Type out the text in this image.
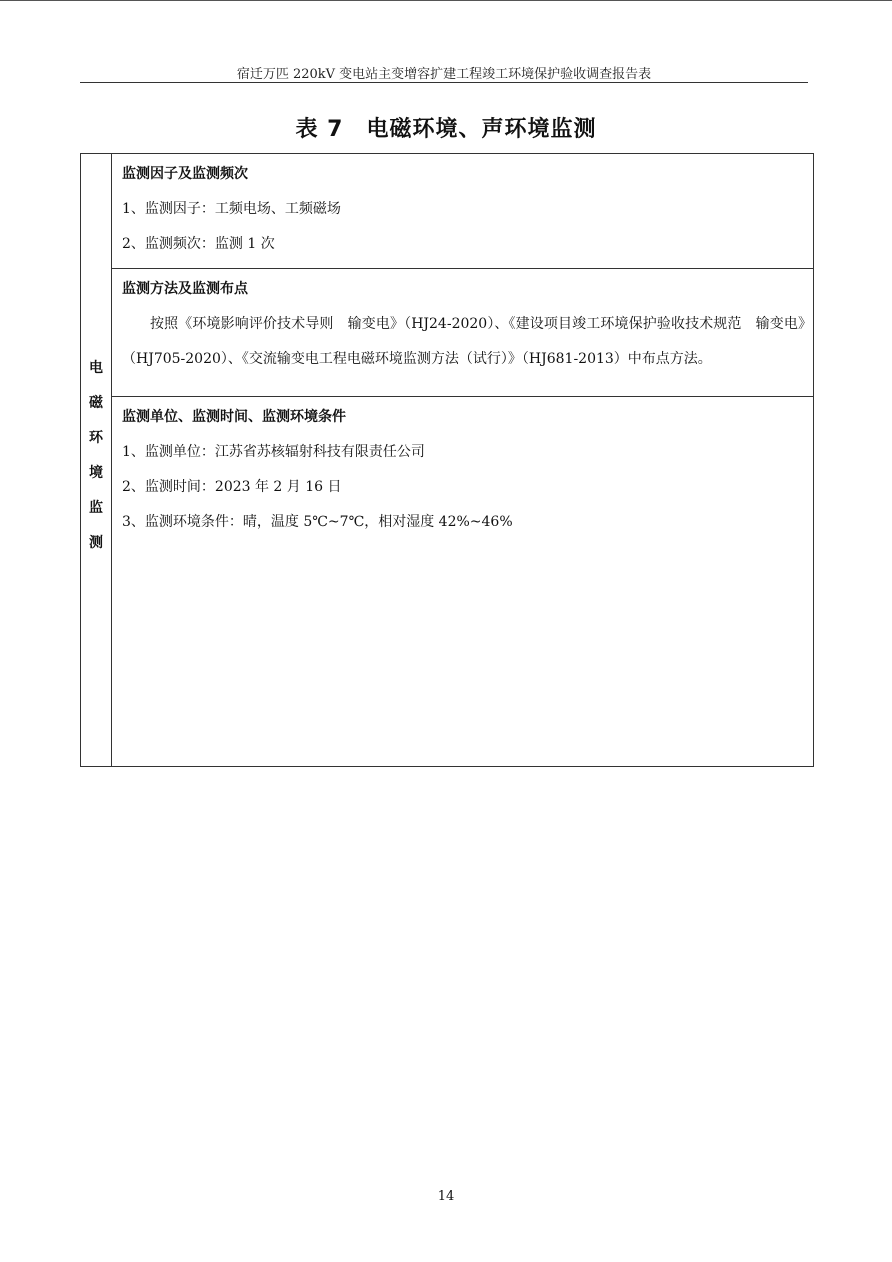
宿迁万匹 220kV 变电站主变增容扩建工程竣工环境保护验收调查报告表
表 7　电磁环境、声环境监测
电
磁
环
境
监
测

监测因子及监测频次
1、监测因子：工频电场、工频磁场
2、监测频次：监测 1 次

监测方法及监测布点
按照《环境影响评价技术导则　输变电》（HJ24-2020）、《建设项目竣工环境保护验收技术规范　输变电》（HJ705-2020）、《交流输变电工程电磁环境监测方法（试行）》（HJ681-2013）中布点方法。

监测单位、监测时间、监测环境条件
1、监测单位：江苏省苏核辐射科技有限责任公司
2、监测时间：2023 年 2 月 16 日
3、监测环境条件：晴，温度 5℃~7℃，相对湿度 42%~46%
14
